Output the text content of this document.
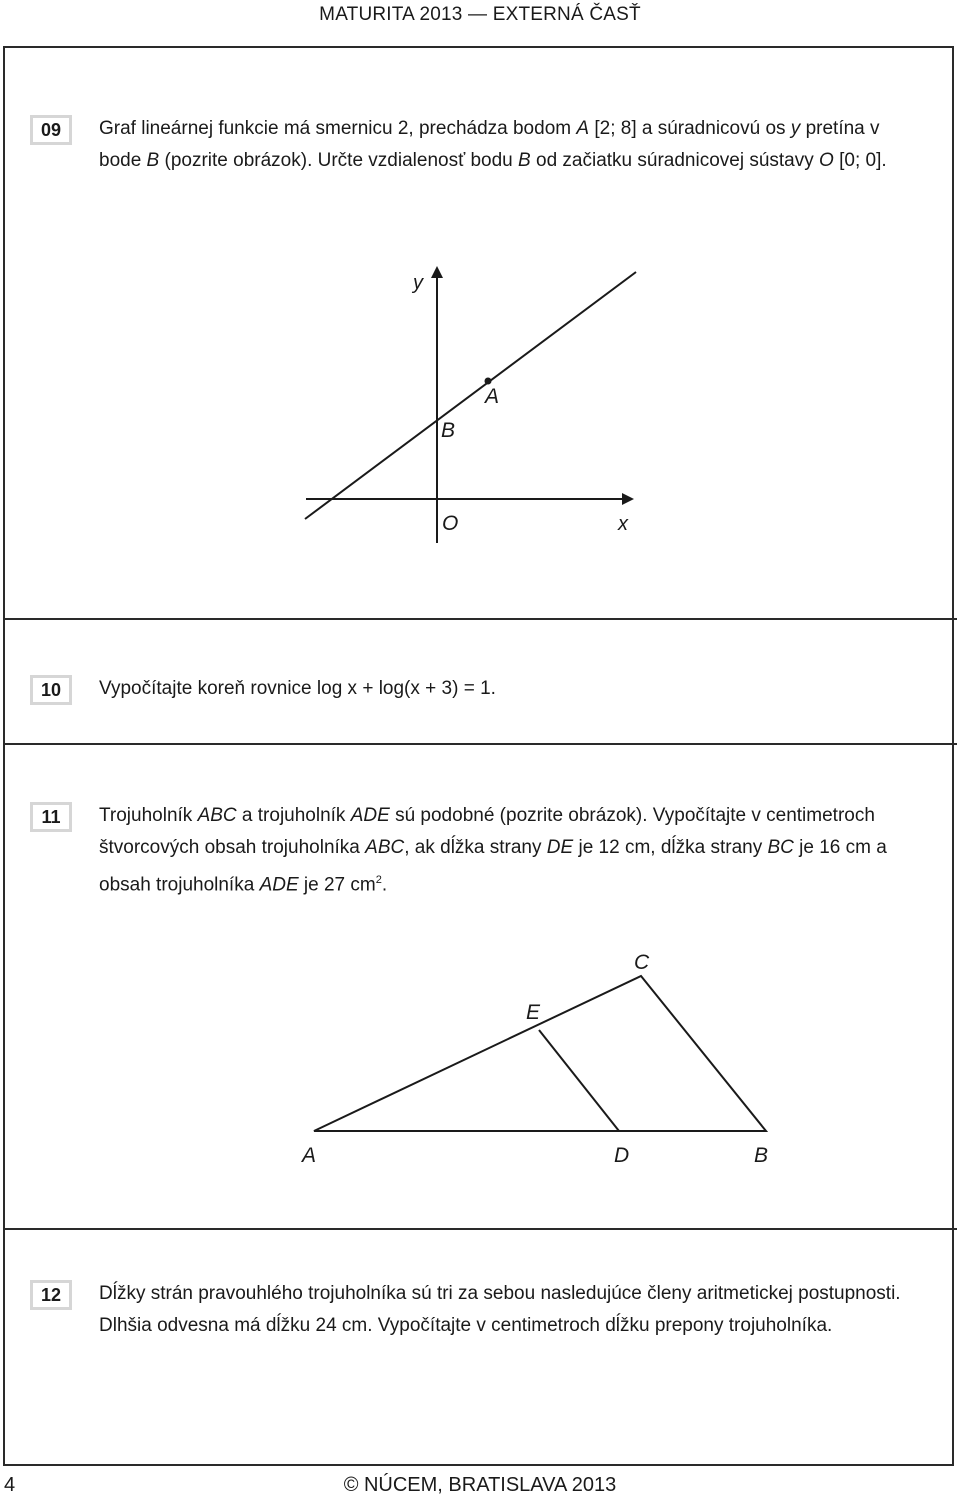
MATURITA 2013 — EXTERNÁ ČASŤ
09	Graf lineárnej funkcie má smernicu 2, prechádza bodom A [2; 8] a súradnicovú os y pretína v bode B (pozrite obrázok). Určte vzdialenosť bodu B od začiatku súradnicovej sústavy O [0; 0].
y
A
B
O	x
10	Vypočítajte koreň rovnice log x + log(x + 3) = 1.
11	Trojuholník ABC a trojuholník ADE sú podobné (pozrite obrázok). Vypočítajte v centimetroch štvorcových obsah trojuholníka ABC, ak dĺžka strany DE je 12 cm, dĺžka strany BC je 16 cm a obsah trojuholníka ADE je 27 $cm^2$.
C
E
A	D	B
12	Dĺžky strán pravouhlého trojuholníka sú tri za sebou nasledujúce členy aritmetickej postupnosti. Dlhšia odvesna má dĺžku 24 cm. Vypočítajte v centimetroch dĺžku prepony trojuholníka.
© NÚCEM, BRATISLAVA 2013
4
